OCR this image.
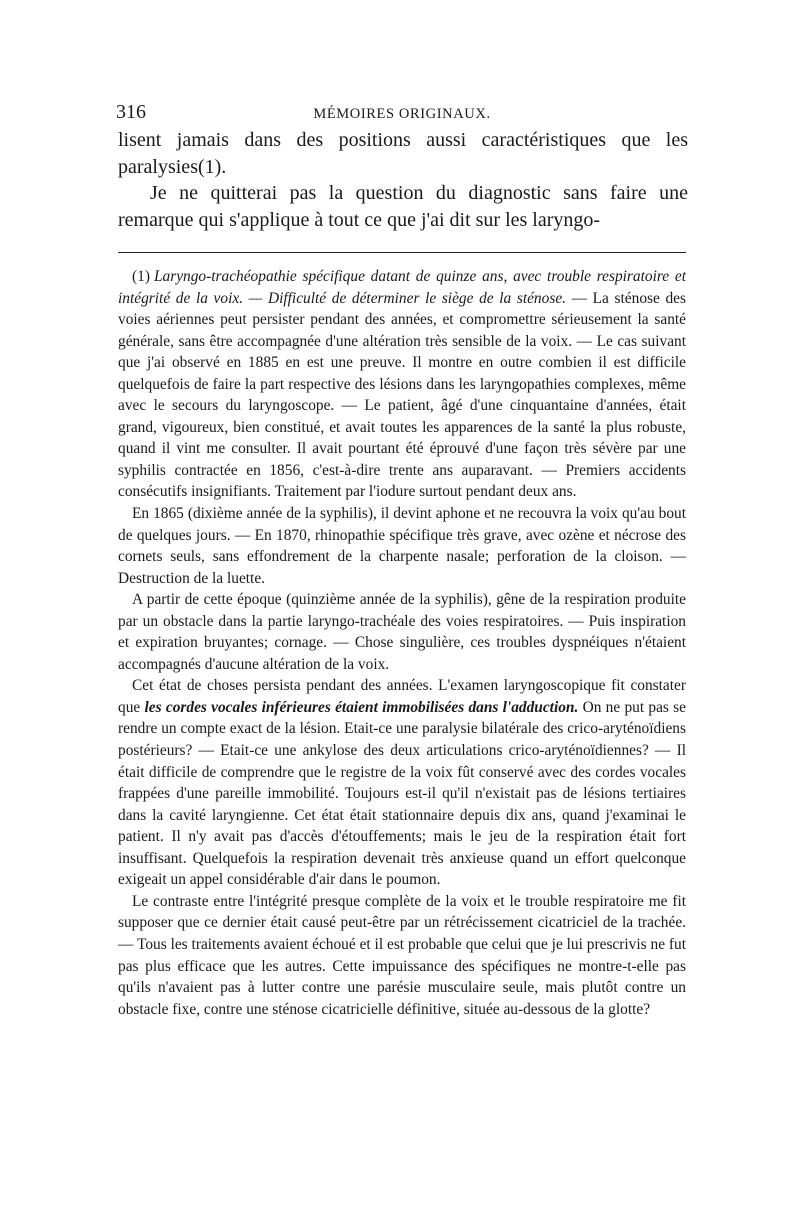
316	MÉMOIRES ORIGINAUX.

lisent jamais dans des positions aussi caractéristiques que les paralysies(1).

Je ne quitterai pas la question du diagnostic sans faire une remarque qui s'applique à tout ce que j'ai dit sur les laryngo-

(1) Laryngo-trachéopathie spécifique datant de quinze ans, avec trouble respiratoire et intégrité de la voix. — Difficulté de déterminer le siège de la sténose. — La sténose des voies aériennes peut persister pendant des années, et compromettre sérieusement la santé générale, sans être accompagnée d'une altération très sensible de la voix. — Le cas suivant que j'ai observé en 1885 en est une preuve. Il montre en outre combien il est difficile quelquefois de faire la part respective des lésions dans les laryngopathies complexes, même avec le secours du laryngoscope. — Le patient, âgé d'une cinquantaine d'années, était grand, vigoureux, bien constitué, et avait toutes les apparences de la santé la plus robuste, quand il vint me consulter. Il avait pourtant été éprouvé d'une façon très sévère par une syphilis contractée en 1856, c'est-à-dire trente ans auparavant. — Premiers accidents consécutifs insignifiants. Traitement par l'iodure surtout pendant deux ans.

En 1865 (dixième année de la syphilis), il devint aphone et ne recouvra la voix qu'au bout de quelques jours. — En 1870, rhinopathie spécifique très grave, avec ozène et nécrose des cornets seuls, sans effondrement de la charpente nasale; perforation de la cloison. — Destruction de la luette.

A partir de cette époque (quinzième année de la syphilis), gêne de la respiration produite par un obstacle dans la partie laryngo-trachéale des voies respiratoires. — Puis inspiration et expiration bruyantes; cornage. — Chose singulière, ces troubles dyspnéiques n'étaient accompagnés d'aucune altération de la voix.

Cet état de choses persista pendant des années. L'examen laryngoscopique fit constater que les cordes vocales inférieures étaient immobilisées dans l'adduction. On ne put pas se rendre un compte exact de la lésion. Etait-ce une paralysie bilatérale des crico-aryténoïdiens postérieurs? — Etait-ce une ankylose des deux articulations crico-aryténoïdiennes? — Il était difficile de comprendre que le registre de la voix fût conservé avec des cordes vocales frappées d'une pareille immobilité. Toujours est-il qu'il n'existait pas de lésions tertiaires dans la cavité laryngienne. Cet état était stationnaire depuis dix ans, quand j'examinai le patient. Il n'y avait pas d'accès d'étouffements; mais le jeu de la respiration était fort insuffisant. Quelquefois la respiration devenait très anxieuse quand un effort quelconque exigeait un appel considérable d'air dans le poumon.

Le contraste entre l'intégrité presque complète de la voix et le trouble respiratoire me fit supposer que ce dernier était causé peut-être par un rétrécissement cicatriciel de la trachée. — Tous les traitements avaient échoué et il est probable que celui que je lui prescrivis ne fut pas plus efficace que les autres. Cette impuissance des spécifiques ne montre-t-elle pas qu'ils n'avaient pas à lutter contre une parésie musculaire seule, mais plutôt contre un obstacle fixe, contre une sténose cicatricielle définitive, située au-dessous de la glotte?
